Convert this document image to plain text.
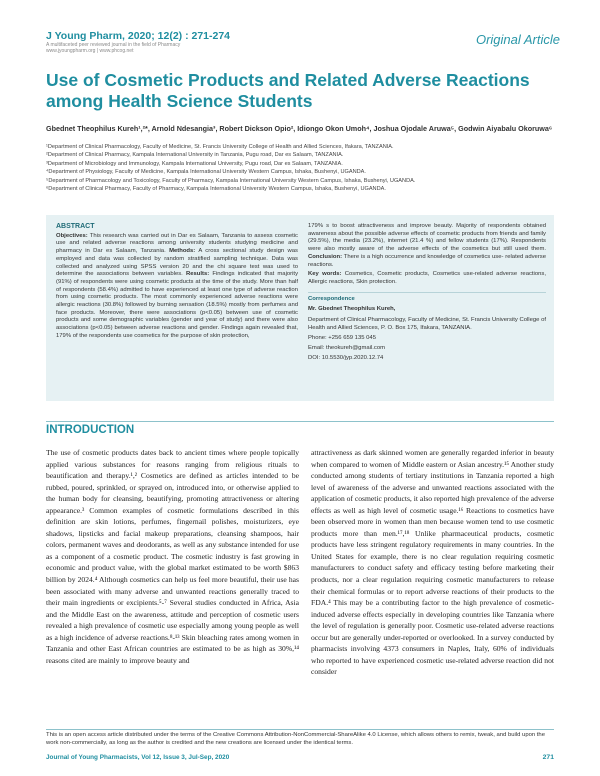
J Young Pharm, 2020; 12(2) : 271-274
A multifaceted peer reviewed journal in the field of Pharmacy
www.jyoungpharm.org | www.phcog.net
Original Article
Use of Cosmetic Products and Related Adverse Reactions among Health Science Students
Gbednet Theophilus Kureh¹,²*, Arnold Ndesangia³, Robert Dickson Opio², Idiongo Okon Umoh⁴, Joshua Ojodale Aruwa⁵, Godwin Aiyabalu Okoruwa⁶
¹Department of Clinical Pharmacology, Faculty of Medicine, St. Francis University College of Health and Allied Sciences, Ifakara, TANZANIA.
²Department of Clinical Pharmacy, Kampala International University in Tanzania, Pugu road, Dar es Salaam, TANZANIA.
³Department of Microbiology and Immunology, Kampala International University, Pugu road, Dar es Salaam, TANZANIA.
⁴Department of Physiology, Faculty of Medicine, Kampala International University Western Campus, Ishaka, Bushenyi, UGANDA.
⁵Department of Pharmacology and Toxicology, Faculty of Pharmacy, Kampala International University Western Campus, Ishaka, Bushenyi, UGANDA.
⁶Department of Clinical Pharmacy, Faculty of Pharmacy, Kampala International University Western Campus, Ishaka, Bushenyi, UGANDA.
ABSTRACT

Objectives: This research was carried out in Dar es Salaam, Tanzania to assess cosmetic use and related adverse reactions among university students studying medicine and pharmacy in Dar es Salaam, Tanzania. Methods: A cross sectional study design was employed and data was collected by random stratified sampling technique. Data was collected and analyzed using SPSS version 20 and the chi square test was used to determine the associations between variables. Results: Findings indicated that majority (91%) of respondents were using cosmetic products at the time of the study. More than half of respondents (58.4%) admitted to have experienced at least one type of adverse reaction from using cosmetic products. The most commonly experienced adverse reactions were allergic reactions (30.8%) followed by burning sensation (18.5%) mostly from perfumes and face products. Moreover, there were associations (p<0.05) between use of cosmetic products and some demographic variables (gender and year of study) and there were also associations (p<0.05) between adverse reactions and gender. Findings again revealed that, 179% of the respondents use cosmetics for the purpose of skin protection,

179% s to boost attractiveness and improve beauty. Majority of respondents obtained awareness about the possible adverse effects of cosmetic products from friends and family (29.5%), the media (23.2%), internet (21.4 %) and fellow students (17%). Respondents were also mostly aware of the adverse effects of the cosmetics but still used them. Conclusion: There is a high occurrence and knowledge of cosmetics use- related adverse reactions.

Key words: Cosmetics, Cosmetic products, Cosmetics use-related adverse reactions, Allergic reactions, Skin protection.

Correspondence
Mr. Gbednet Theophilus Kureh,
Department of Clinical Pharmacology, Faculty of Medicine, St. Francis University College of Health and Allied Sciences, P. O. Box 175, Ifakara, TANZANIA.
Phone: +256 659 135 045
Email: theokureh@gmail.com
DOI: 10.5530/jyp.2020.12.74
INTRODUCTION

The use of cosmetic products dates back to ancient times where people topically applied various substances for reasons ranging from religious rituals to beautification and therapy.¹,² Cosmetics are defined as articles intended to be rubbed, poured, sprinkled, or sprayed on, introduced into, or otherwise applied to the human body for cleansing, beautifying, promoting attractiveness or altering appearance.³ Common examples of cosmetic formulations described in this definition are skin lotions, perfumes, fingernail polishes, moisturizers, eye shadows, lipsticks and facial makeup preparations, cleansing shampoos, hair colors, permanent waves and deodorants, as well as any substance intended for use as a component of a cosmetic product. The cosmetic industry is fast growing in economic and product value, with the global market estimated to be worth $863 billion by 2024.⁴ Although cosmetics can help us feel more beautiful, their use has been associated with many adverse and unwanted reactions generally traced to their main ingredients or excipients.⁵-⁷ Several studies conducted in Africa, Asia and the Middle East on the awareness, attitude and perception of cosmetic users revealed a high prevalence of cosmetic use especially among young people as well as a high incidence of adverse reactions.⁸-¹³ Skin bleaching rates among women in Tanzania and other East African countries are estimated to be as high as 30%,¹⁴ reasons cited are mainly to improve beauty and

attractiveness as dark skinned women are generally regarded inferior in beauty when compared to women of Middle eastern or Asian ancestry.¹⁵ Another study conducted among students of tertiary institutions in Tanzania reported a high level of awareness of the adverse and unwanted reactions associated with the application of cosmetic products, it also reported high prevalence of the adverse effects as well as high level of cosmetic usage.¹⁶ Reactions to cosmetics have been observed more in women than men because women tend to use cosmetic products more than men.¹⁷,¹⁸ Unlike pharmaceutical products, cosmetic products have less stringent regulatory requirements in many countries. In the United States for example, there is no clear regulation requiring cosmetic manufacturers to conduct safety and efficacy testing before marketing their products, nor a clear regulation requiring cosmetic manufacturers to release their chemical formulas or to report adverse reactions of their products to the FDA.⁴ This may be a contributing factor to the high prevalence of cosmetic-induced adverse effects especially in developing countries like Tanzania where the level of regulation is generally poor. Cosmetic use-related adverse reactions occur but are generally under-reported or overlooked. In a survey conducted by pharmacists involving 4373 consumers in Naples, Italy, 60% of individuals who reported to have experienced cosmetic use-related adverse reaction did not consider

This is an open access article distributed under the terms of the Creative Commons Attribution-NonCommercial-ShareAlike 4.0 License, which allows others to remix, tweak, and build upon the work non-commercially, as long as the author is credited and the new creations are licensed under the identical terms.
Journal of Young Pharmacists, Vol 12, Issue 3, Jul-Sep, 2020	271
